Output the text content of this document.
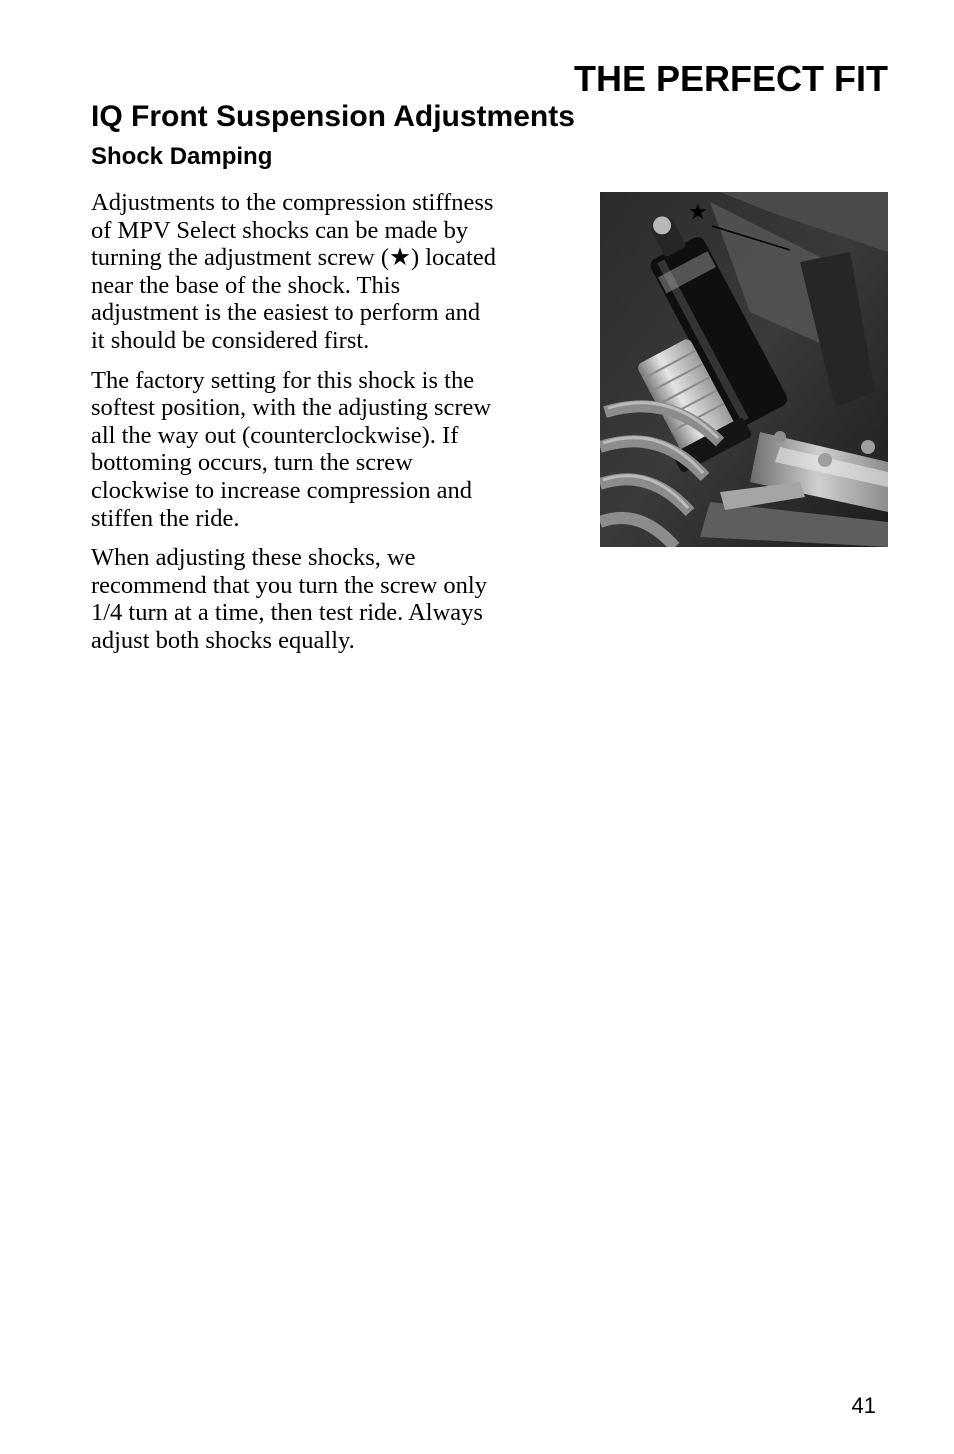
THE PERFECT FIT
IQ Front Suspension Adjustments
Shock Damping

Adjustments to the compression stiffness
of MPV Select shocks can be made by
turning the adjustment screw (★) located
near the base of the shock. This
adjustment is the easiest to perform and
it should be considered first.

The factory setting for this shock is the
softest position, with the adjusting screw
all the way out (counterclockwise). If
bottoming occurs, turn the screw
clockwise to increase compression and
stiffen the ride.

When adjusting these shocks, we
recommend that you turn the screw only
1/4 turn at a time, then test ride. Always
adjust both shocks equally.

★
41
